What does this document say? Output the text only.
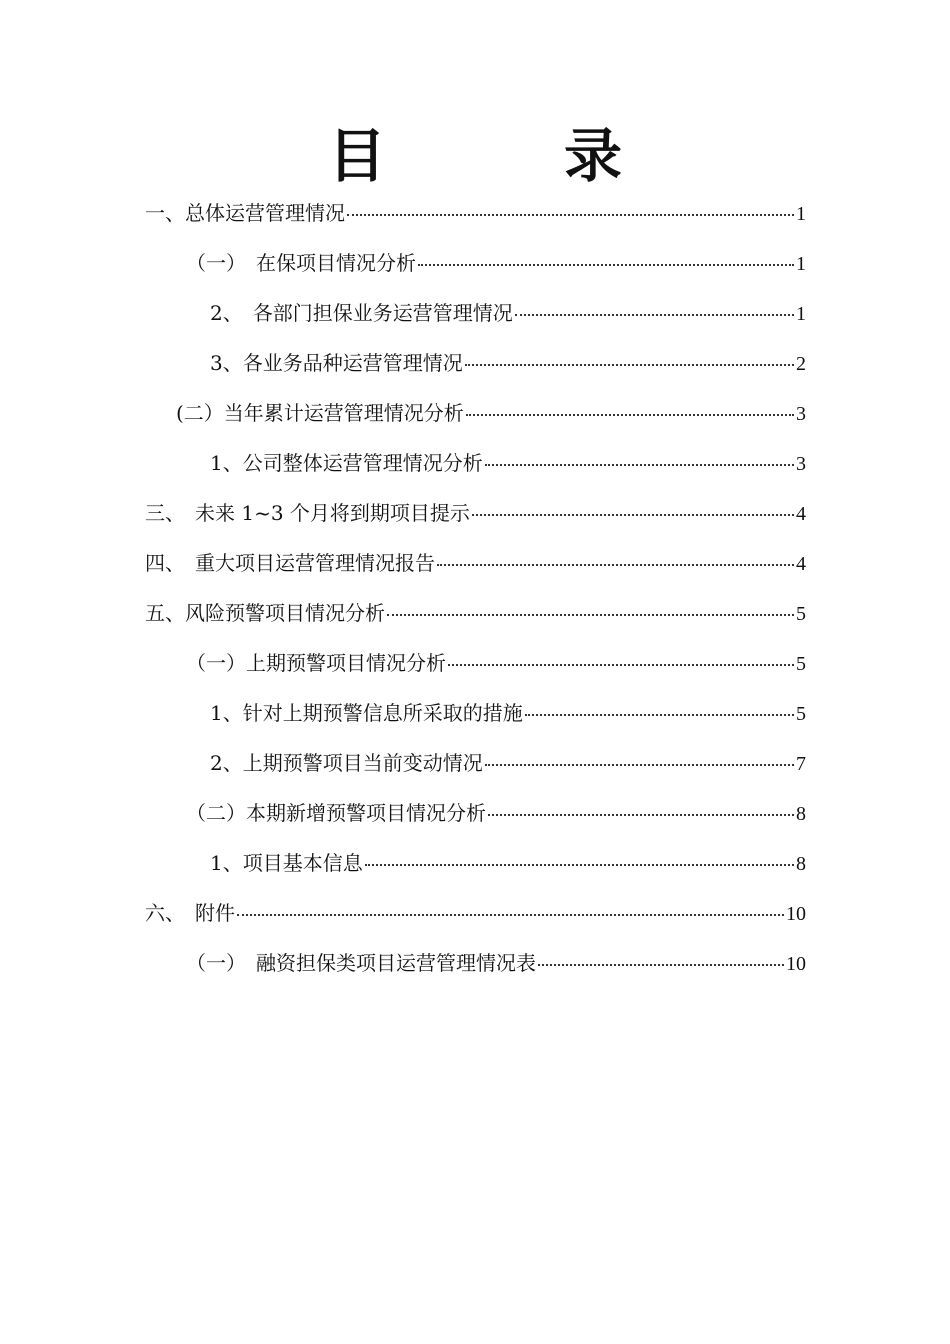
目　录
一、总体运营管理情况	1
（一）　在保项目情况分析	1
2、　各部门担保业务运营管理情况	1
3、各业务品种运营管理情况	2
(二）当年累计运营管理情况分析	3
1、公司整体运营管理情况分析	3
三、　未来 1~3 个月将到期项目提示	4
四、　重大项目运营管理情况报告	4
五、风险预警项目情况分析	5
（一）上期预警项目情况分析	5
1、针对上期预警信息所采取的措施	5
2、上期预警项目当前变动情况	7
（二）本期新增预警项目情况分析	8
1、项目基本信息	8
六、　附件	10
（一）　融资担保类项目运营管理情况表	10
